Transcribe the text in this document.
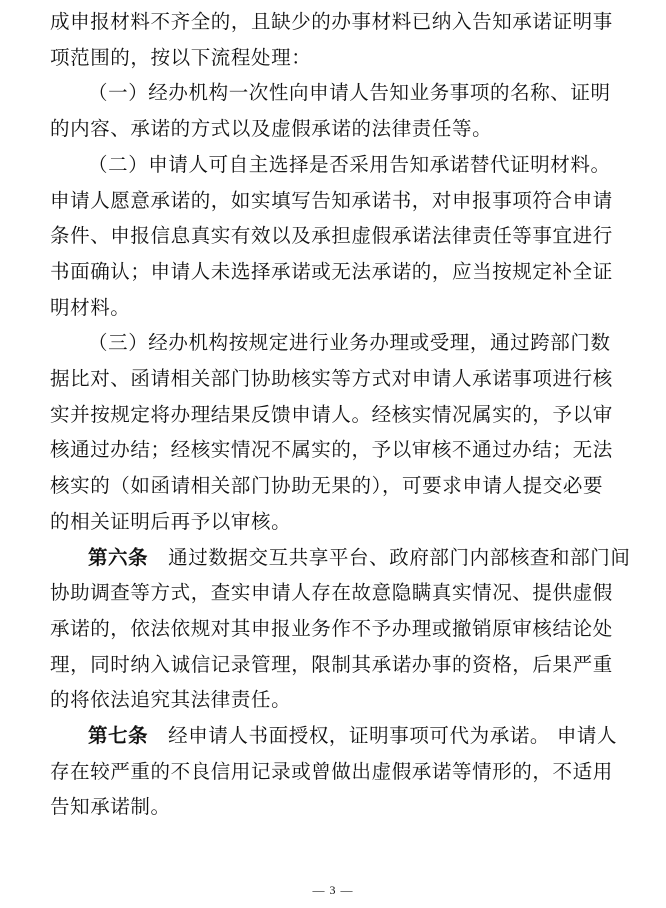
成申报材料不齐全的，且缺少的办事材料已纳入告知承诺证明事
项范围的，按以下流程处理：

（一）经办机构一次性向申请人告知业务事项的名称、证明
的内容、承诺的方式以及虚假承诺的法律责任等。

（二）申请人可自主选择是否采用告知承诺替代证明材料。
申请人愿意承诺的，如实填写告知承诺书，对申报事项符合申请
条件、申报信息真实有效以及承担虚假承诺法律责任等事宜进行
书面确认；申请人未选择承诺或无法承诺的，应当按规定补全证
明材料。

（三）经办机构按规定进行业务办理或受理，通过跨部门数
据比对、函请相关部门协助核实等方式对申请人承诺事项进行核
实并按规定将办理结果反馈申请人。经核实情况属实的，予以审
核通过办结；经核实情况不属实的，予以审核不通过办结；无法
核实的（如函请相关部门协助无果的），可要求申请人提交必要
的相关证明后再予以审核。

第六条  通过数据交互共享平台、政府部门内部核查和部门间
协助调查等方式，查实申请人存在故意隐瞒真实情况、提供虚假
承诺的，依法依规对其申报业务作不予办理或撤销原审核结论处
理，同时纳入诚信记录管理，限制其承诺办事的资格，后果严重
的将依法追究其法律责任。

第七条  经申请人书面授权，证明事项可代为承诺。 申请人
存在较严重的不良信用记录或曾做出虚假承诺等情形的，不适用
告知承诺制。

— 3 —
